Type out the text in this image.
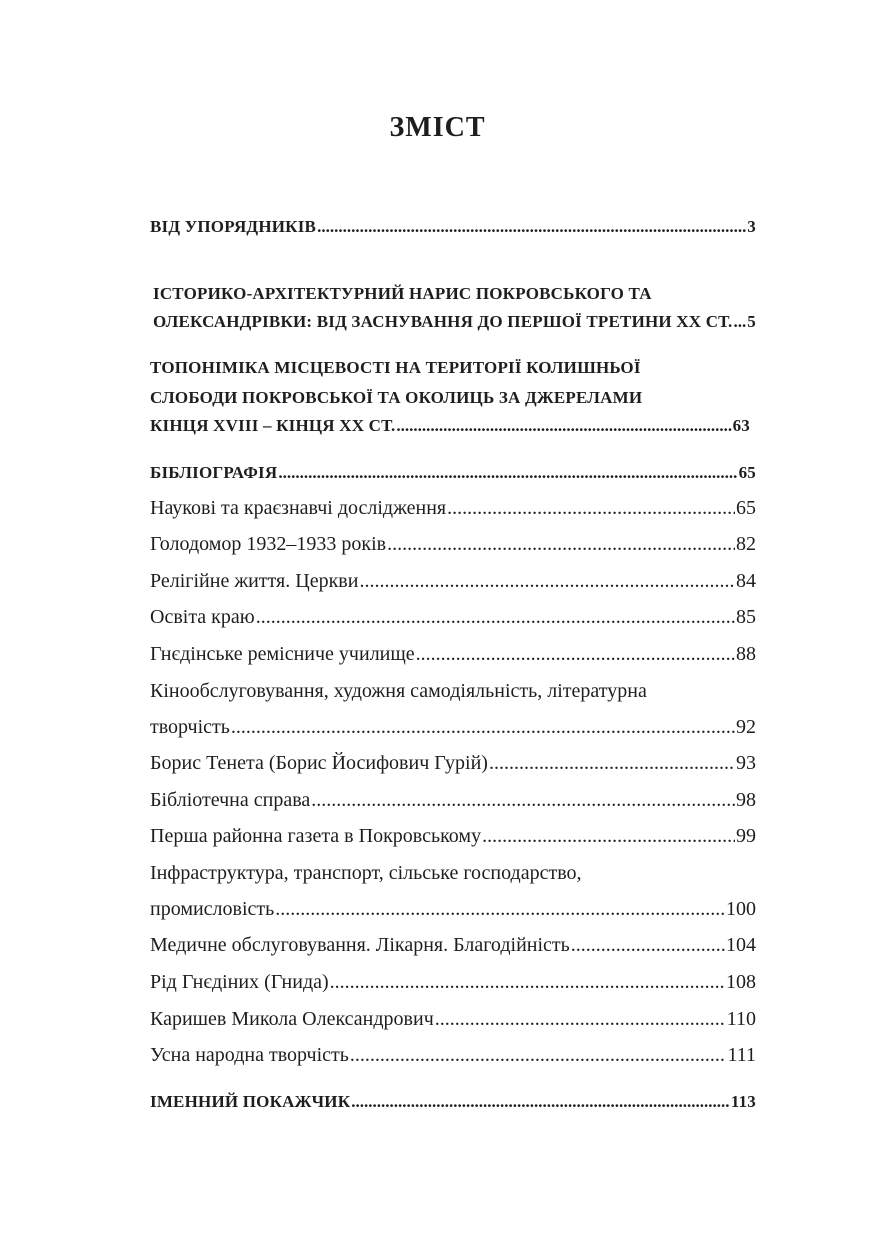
ЗМІСТ
ВІД УПОРЯДНИКІВ .....	3
ІСТОРИКО-АРХІТЕКТУРНИЙ НАРИС ПОКРОВСЬКОГО ТА
ОЛЕКСАНДРІВКИ: ВІД ЗАСНУВАННЯ ДО ПЕРШОЇ ТРЕТИНИ ХХ СТ. ..... 5
ТОПОНІМІКА МІСЦЕВОСТІ НА ТЕРИТОРІЇ КОЛИШНЬОЇ
СЛОБОДИ ПОКРОВСЬКОЇ ТА ОКОЛИЦЬ ЗА ДЖЕРЕЛАМИ
КІНЦЯ XVIII – КІНЦЯ ХХ СТ. .....	63
БІБЛІОГРАФІЯ .....	65
Наукові та краєзнавчі дослідження .....	65
Голодомор 1932–1933 років .....	82
Релігійне життя. Церкви .....	84
Освіта краю .....	85
Гнєдінське ремісниче училище .....	88
Кінообслуговування, художня самодіяльність, літературна
творчість .....	92
Борис Тенета (Борис Йосифович Гурій) .....	93
Бібліотечна справа .....	98
Перша районна газета в Покровському .....	99
Інфраструктура, транспорт, сільське господарство,
промисловість .....	100
Медичне обслуговування. Лікарня. Благодійність .....	104
Рід Гнєдіних (Гнида) .....	108
Каришев Микола Олександрович .....	110
Усна народна творчість .....	111
ІМЕННИЙ ПОКАЖЧИК .....	113
